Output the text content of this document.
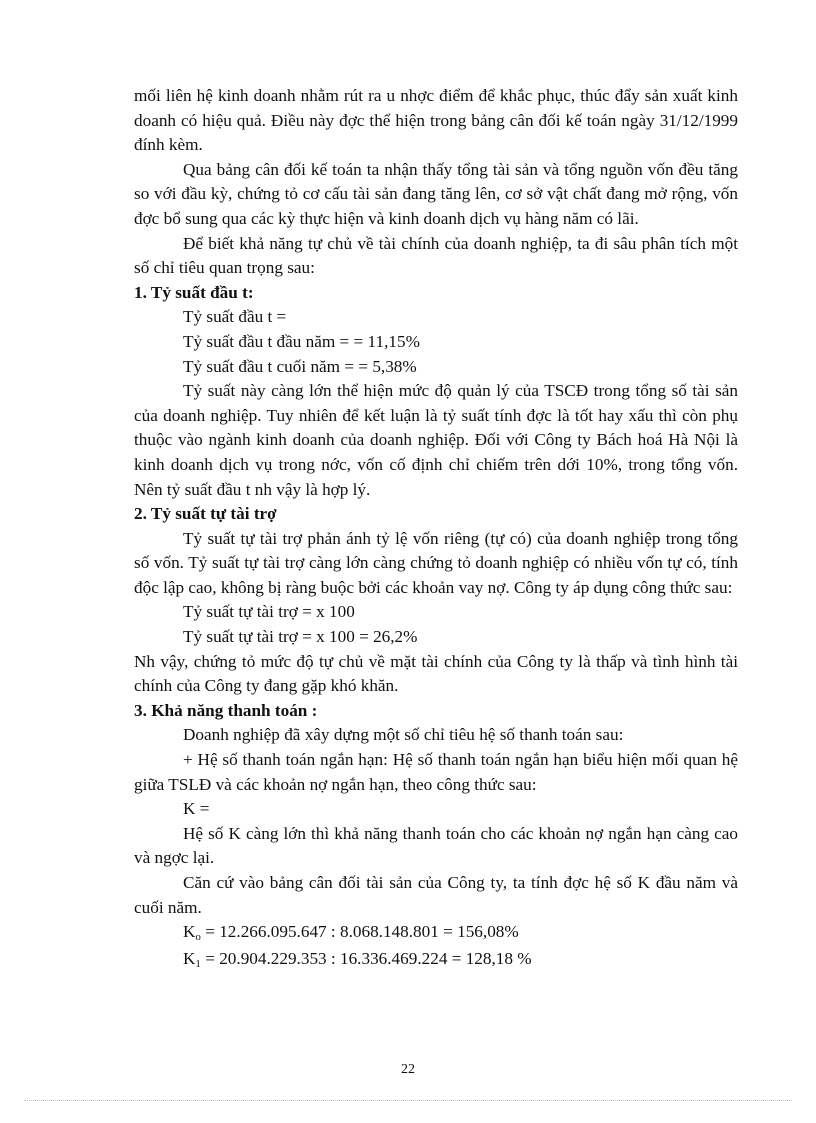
mối liên hệ kinh doanh nhằm rút ra u nhợc điểm để khắc phục, thúc đẩy sản xuất kinh doanh có hiệu quả. Điều này đợc thể hiện trong bảng cân đối kế toán ngày 31/12/1999 đính kèm.

Qua bảng cân đối kế toán ta nhận thấy tổng tài sản và tổng nguồn vốn đều tăng so với đầu kỳ, chứng tỏ cơ cấu tài sản đang tăng lên, cơ sở vật chất đang mở rộng, vốn đợc bổ sung qua các kỳ thực hiện và kinh doanh dịch vụ hàng năm có lãi.

Để biết khả năng tự chủ về tài chính của doanh nghiệp, ta đi sâu phân tích một số chỉ tiêu quan trọng sau:

1. Tỷ suất đầu t:

Tỷ suất đầu t =

Tỷ suất đầu t đầu năm = = 11,15%

Tỷ suất đầu t cuối năm = = 5,38%

Tỷ suất này càng lớn thể hiện mức độ quản lý của TSCĐ trong tổng số tài sản của doanh nghiệp. Tuy nhiên để kết luận là tỷ suất tính đợc là tốt hay xấu thì còn phụ thuộc vào ngành kinh doanh của doanh nghiệp. Đối với Công ty Bách hoá Hà Nội là kinh doanh dịch vụ trong nớc, vốn cố định chỉ chiếm trên dới 10%, trong tổng vốn. Nên tỷ suất đầu t nh vậy là hợp lý.

2. Tỷ suất tự tài trợ

Tỷ suất tự tài trợ phản ánh tỷ lệ vốn riêng (tự có) của doanh nghiệp trong tổng số vốn. Tỷ suất tự tài trợ càng lớn càng chứng tỏ doanh nghiệp có nhiều vốn tự có, tính độc lập cao, không bị ràng buộc bởi các khoản vay nợ. Công ty áp dụng công thức sau:

Tỷ suất tự tài trợ = x 100

Tỷ suất tự tài trợ = x 100 = 26,2%

Nh vậy, chứng tỏ mức độ tự chủ về mặt tài chính của Công ty là thấp và tình hình tài chính của Công ty đang gặp khó khăn.

3. Khả năng thanh toán :

Doanh nghiệp đã xây dựng một số chỉ tiêu hệ số thanh toán sau:

+ Hệ số thanh toán ngắn hạn: Hệ số thanh toán ngắn hạn biểu hiện mối quan hệ giữa TSLĐ và các khoản nợ ngắn hạn, theo công thức sau:

K =

Hệ số K càng lớn thì khả năng thanh toán cho các khoản nợ ngắn hạn càng cao và ngợc lại.

Căn cứ vào bảng cân đối tài sản của Công ty, ta tính đợc hệ số K đầu năm và cuối năm.

Ko = 12.266.095.647 : 8.068.148.801 = 156,08%

K1 = 20.904.229.353 : 16.336.469.224 = 128,18 %

22
